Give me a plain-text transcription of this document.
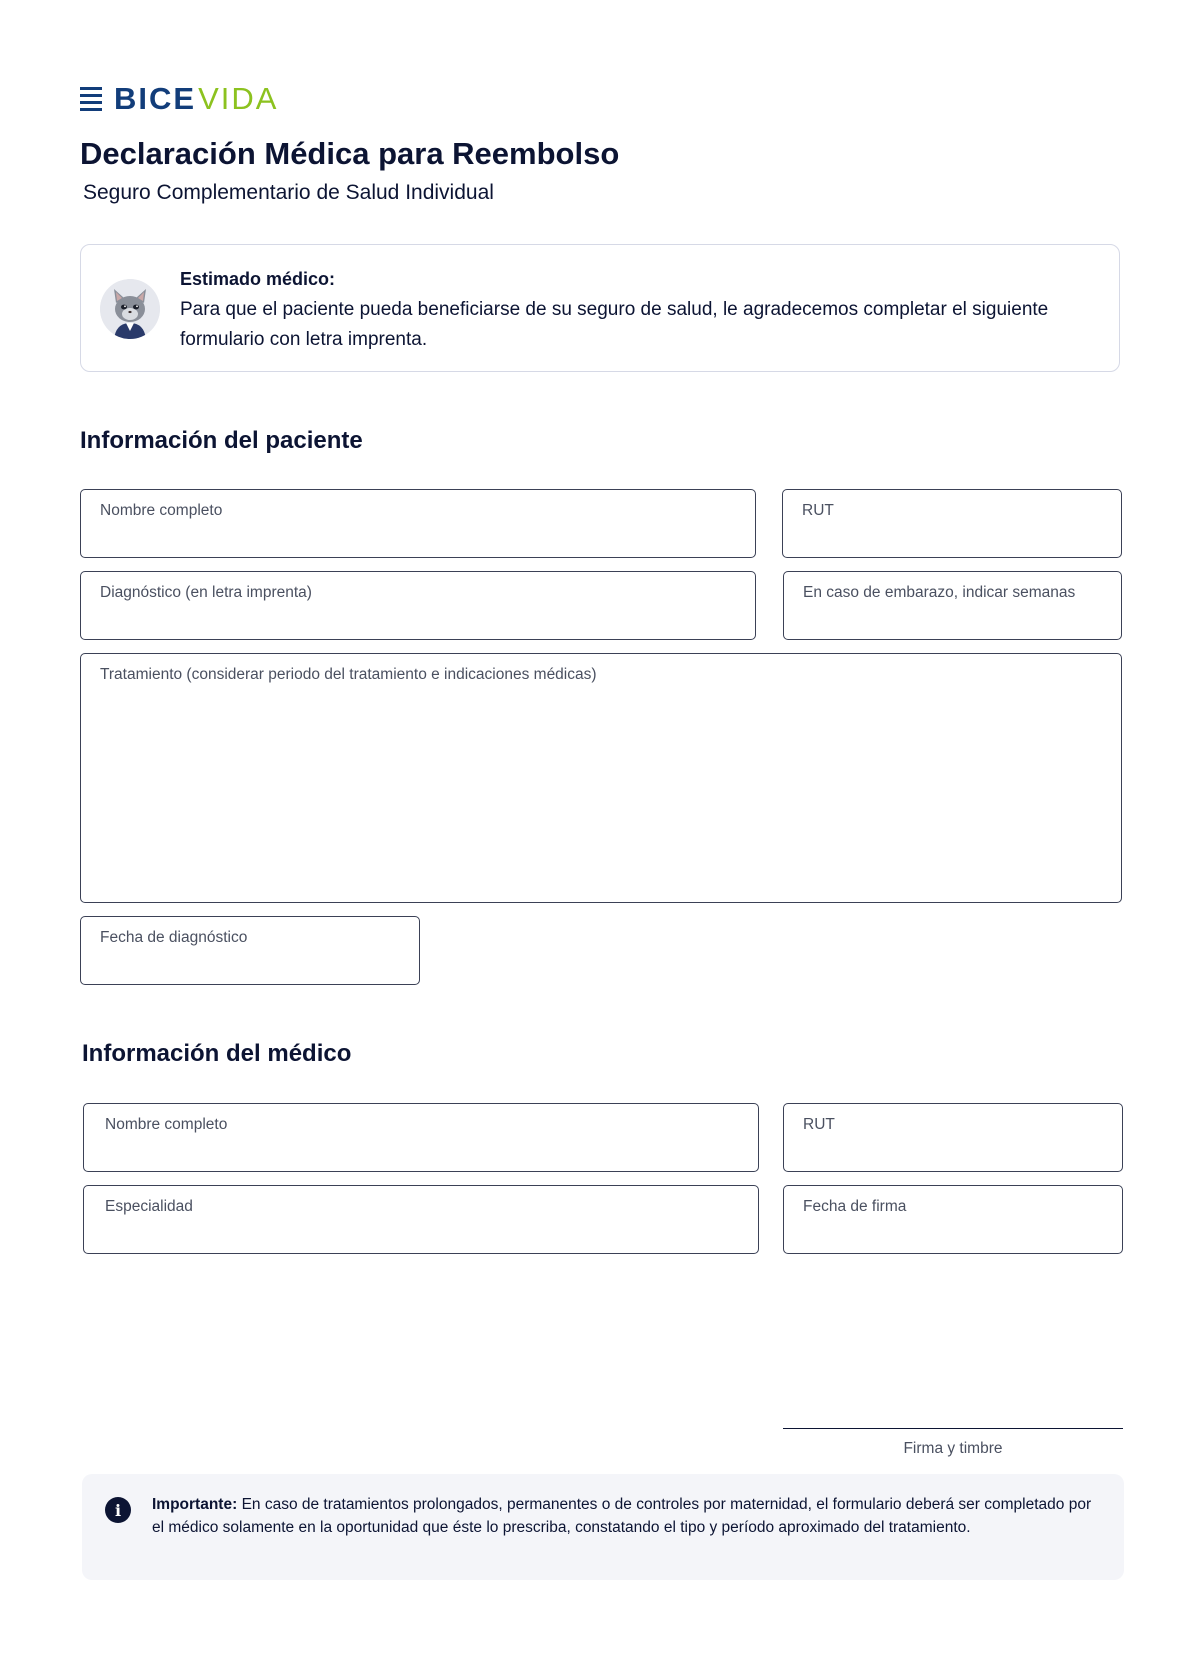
BICE VIDA
Declaración Médica para Reembolso

Seguro Complementario de Salud Individual

Estimado médico:
Para que el paciente pueda beneficiarse de su seguro de salud, le agradecemos completar el siguiente formulario con letra imprenta.
Información del paciente
Nombre completo	RUT
Diagnóstico (en letra imprenta)	En caso de embarazo, indicar semanas
Tratamiento (considerar periodo del tratamiento e indicaciones médicas)
Fecha de diagnóstico
Información del médico
Nombre completo	RUT
Especialidad	Fecha de firma
Firma y timbre
i	Importante: En caso de tratamientos prolongados, permanentes o de controles por maternidad, el formulario deberá ser completado por el médico solamente en la oportunidad que éste lo prescriba, constatando el tipo y período aproximado del tratamiento.
